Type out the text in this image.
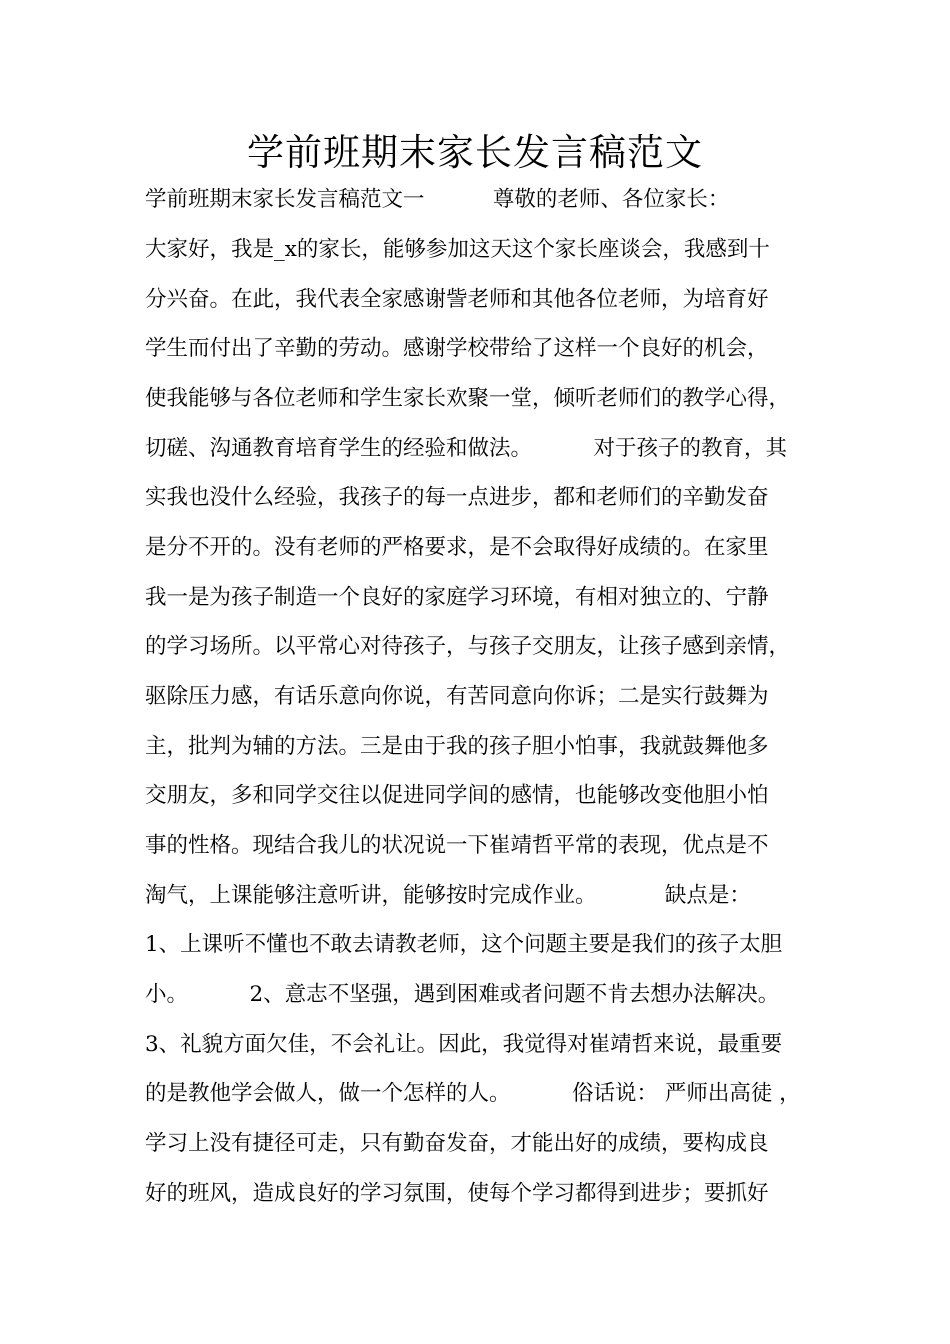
学前班期末家长发言稿范文
学前班期末家长发言稿范文一          尊敬的老师、各位家长：
大家好，我是_x的家长，能够参加这天这个家长座谈会，我感到十
分兴奋。在此，我代表全家感谢訾老师和其他各位老师，为培育好
学生而付出了辛勤的劳动。感谢学校带给了这样一个良好的机会，
使我能够与各位老师和学生家长欢聚一堂，倾听老师们的教学心得，
切磋、沟通教育培育学生的经验和做法。         对于孩子的教育，其
实我也没什么经验，我孩子的每一点进步，都和老师们的辛勤发奋
是分不开的。没有老师的严格要求，是不会取得好成绩的。在家里
我一是为孩子制造一个良好的家庭学习环境，有相对独立的、宁静
的学习场所。以平常心对待孩子，与孩子交朋友，让孩子感到亲情，
驱除压力感，有话乐意向你说，有苦同意向你诉；二是实行鼓舞为
主，批判为辅的方法。三是由于我的孩子胆小怕事，我就鼓舞他多
交朋友，多和同学交往以促进同学间的感情，也能够改变他胆小怕
事的性格。现结合我儿的状况说一下崔靖哲平常的表现，优点是不
淘气，上课能够注意听讲，能够按时完成作业。          缺点是：
1、上课听不懂也不敢去请教老师，这个问题主要是我们的孩子太胆
小。         2、意志不坚强，遇到困难或者问题不肯去想办法解决。
3、礼貌方面欠佳，不会礼让。因此，我觉得对崔靖哲来说，最重要
的是教他学会做人，做一个怎样的人。         俗话说： 严师出高徒 ，
学习上没有捷径可走，只有勤奋发奋，才能出好的成绩，要构成良
好的班风，造成良好的学习氛围，使每个学习都得到进步；要抓好
